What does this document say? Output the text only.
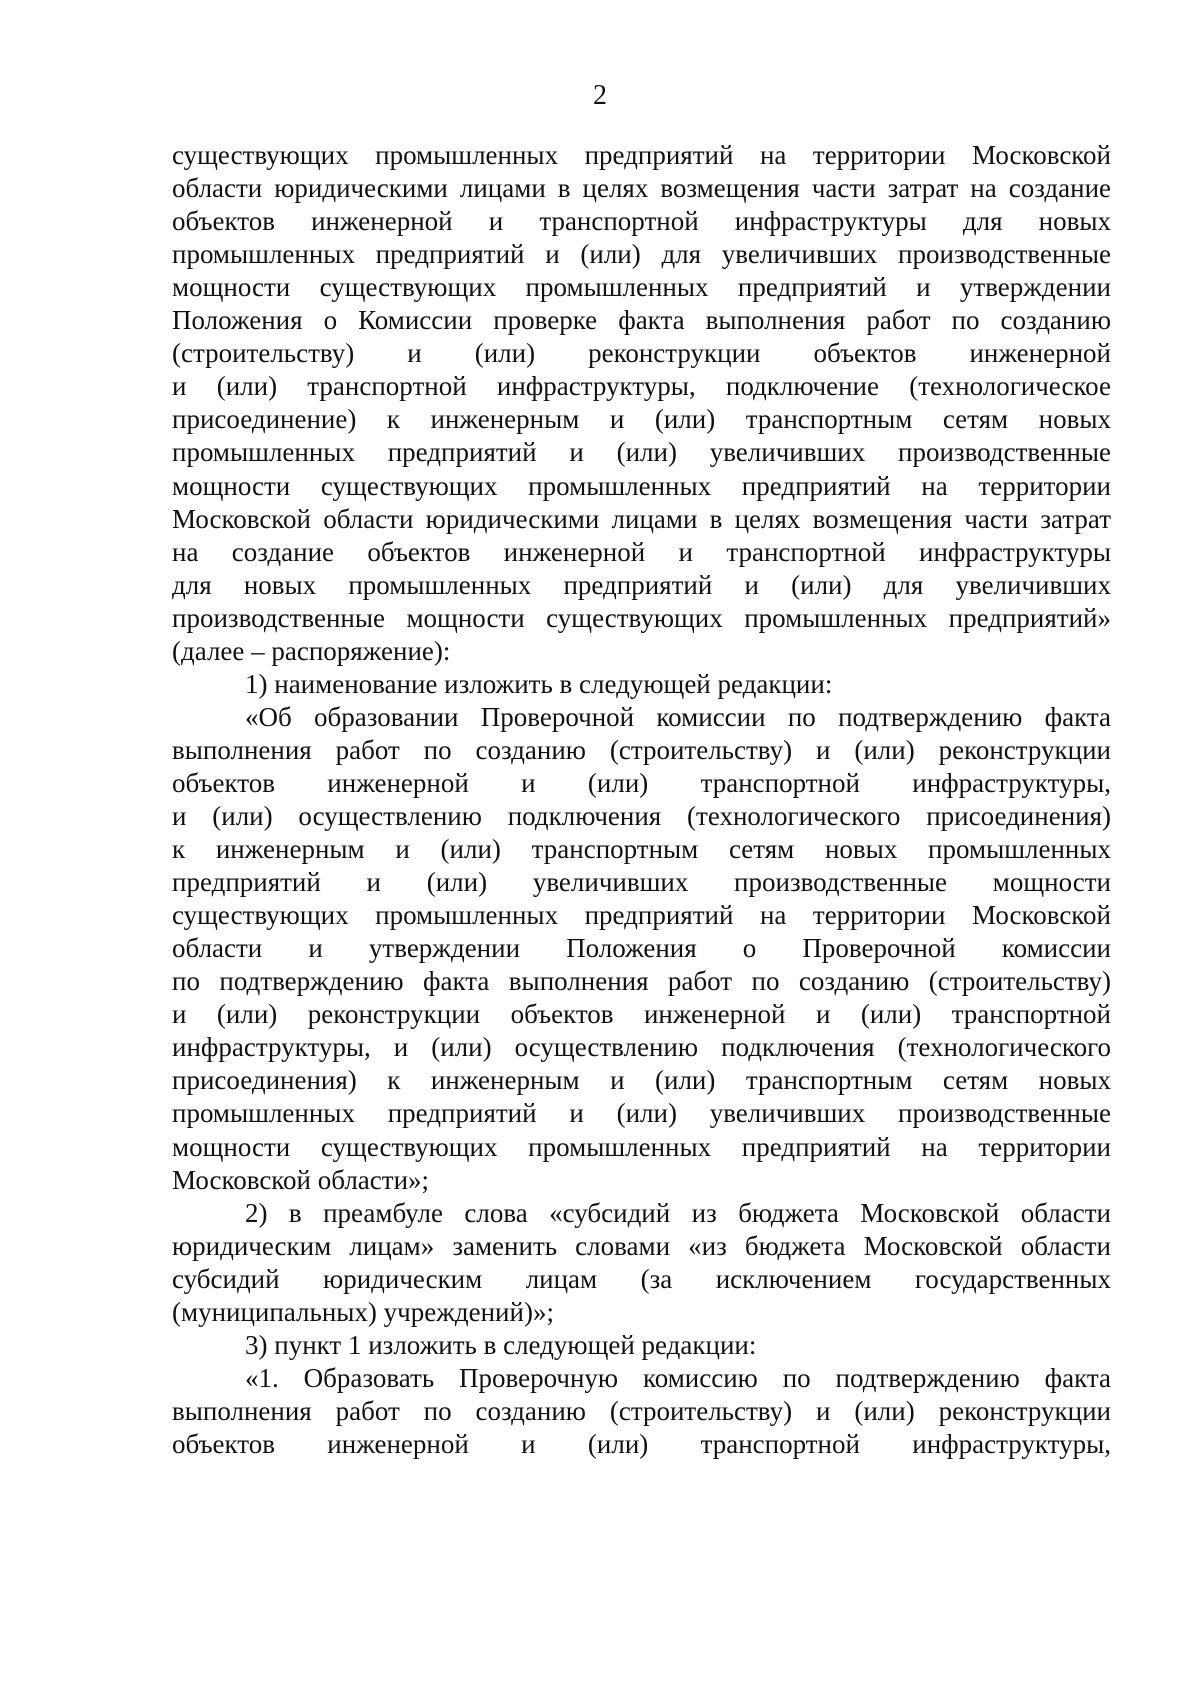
2
существующих промышленных предприятий на территории Московской
области юридическими лицами в целях возмещения части затрат на создание
объектов инженерной и транспортной инфраструктуры для новых
промышленных предприятий и (или) для увеличивших производственные
мощности существующих промышленных предприятий и утверждении
Положения о Комиссии проверке факта выполнения работ по созданию
(строительству) и (или) реконструкции объектов инженерной
и (или) транспортной инфраструктуры, подключение (технологическое
присоединение) к инженерным и (или) транспортным сетям новых
промышленных предприятий и (или) увеличивших производственные
мощности существующих промышленных предприятий на территории
Московской области юридическими лицами в целях возмещения части затрат
на создание объектов инженерной и транспортной инфраструктуры
для новых промышленных предприятий и (или) для увеличивших
производственные мощности существующих промышленных предприятий»
(далее – распоряжение):
1) наименование изложить в следующей редакции:
«Об образовании Проверочной комиссии по подтверждению факта
выполнения работ по созданию (строительству) и (или) реконструкции
объектов инженерной и (или) транспортной инфраструктуры,
и (или) осуществлению подключения (технологического присоединения)
к инженерным и (или) транспортным сетям новых промышленных
предприятий и (или) увеличивших производственные мощности
существующих промышленных предприятий на территории Московской
области и утверждении Положения о Проверочной комиссии
по подтверждению факта выполнения работ по созданию (строительству)
и (или) реконструкции объектов инженерной и (или) транспортной
инфраструктуры, и (или) осуществлению подключения (технологического
присоединения) к инженерным и (или) транспортным сетям новых
промышленных предприятий и (или) увеличивших производственные
мощности существующих промышленных предприятий на территории
Московской области»;
2) в преамбуле слова «субсидий из бюджета Московской области
юридическим лицам» заменить словами «из бюджета Московской области
субсидий юридическим лицам (за исключением государственных
(муниципальных) учреждений)»;
3) пункт 1 изложить в следующей редакции:
«1. Образовать Проверочную комиссию по подтверждению факта
выполнения работ по созданию (строительству) и (или) реконструкции
объектов инженерной и (или) транспортной инфраструктуры,
